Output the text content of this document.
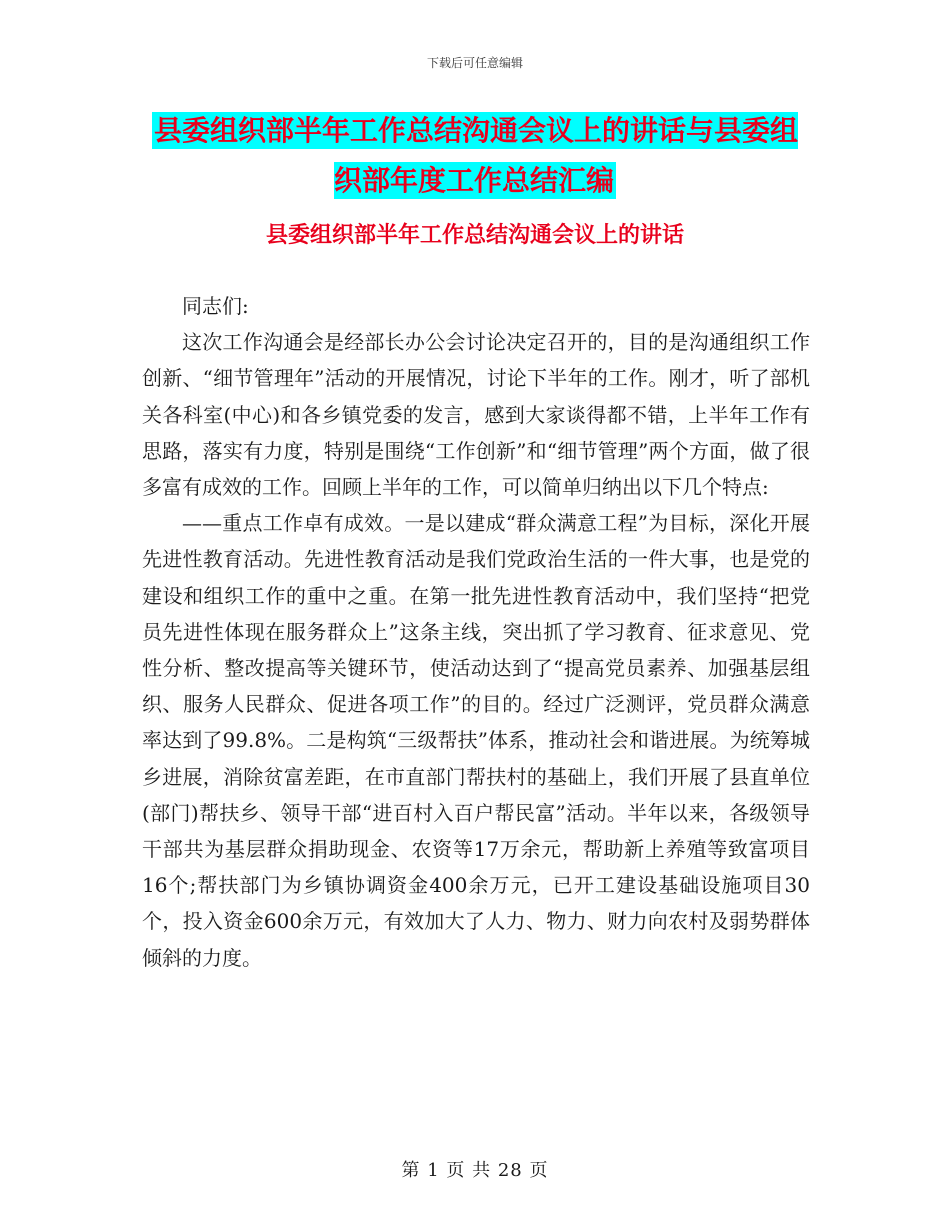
下载后可任意编辑
县委组织部半年工作总结沟通会议上的讲话与县委组织部年度工作总结汇编
县委组织部半年工作总结沟通会议上的讲话

同志们:

这次工作沟通会是经部长办公会讨论决定召开的，目的是沟通组织工作创新、“细节管理年”活动的开展情况，讨论下半年的工作。刚才，听了部机关各科室(中心)和各乡镇党委的发言，感到大家谈得都不错，上半年工作有思路，落实有力度，特别是围绕“工作创新”和“细节管理”两个方面，做了很多富有成效的工作。回顾上半年的工作，可以简单归纳出以下几个特点:

——重点工作卓有成效。一是以建成“群众满意工程”为目标，深化开展先进性教育活动。先进性教育活动是我们党政治生活的一件大事，也是党的建设和组织工作的重中之重。在第一批先进性教育活动中，我们坚持“把党员先进性体现在服务群众上”这条主线，突出抓了学习教育、征求意见、党性分析、整改提高等关键环节，使活动达到了“提高党员素养、加强基层组织、服务人民群众、促进各项工作”的目的。经过广泛测评，党员群众满意率达到了99.8%。二是构筑“三级帮扶”体系，推动社会和谐进展。为统筹城乡进展，消除贫富差距，在市直部门帮扶村的基础上，我们开展了县直单位(部门)帮扶乡、领导干部“进百村入百户帮民富”活动。半年以来，各级领导干部共为基层群众捐助现金、农资等17万余元，帮助新上养殖等致富项目16个;帮扶部门为乡镇协调资金400余万元，已开工建设基础设施项目30个，投入资金600余万元，有效加大了人力、物力、财力向农村及弱势群体倾斜的力度。

第 1 页 共 28 页
